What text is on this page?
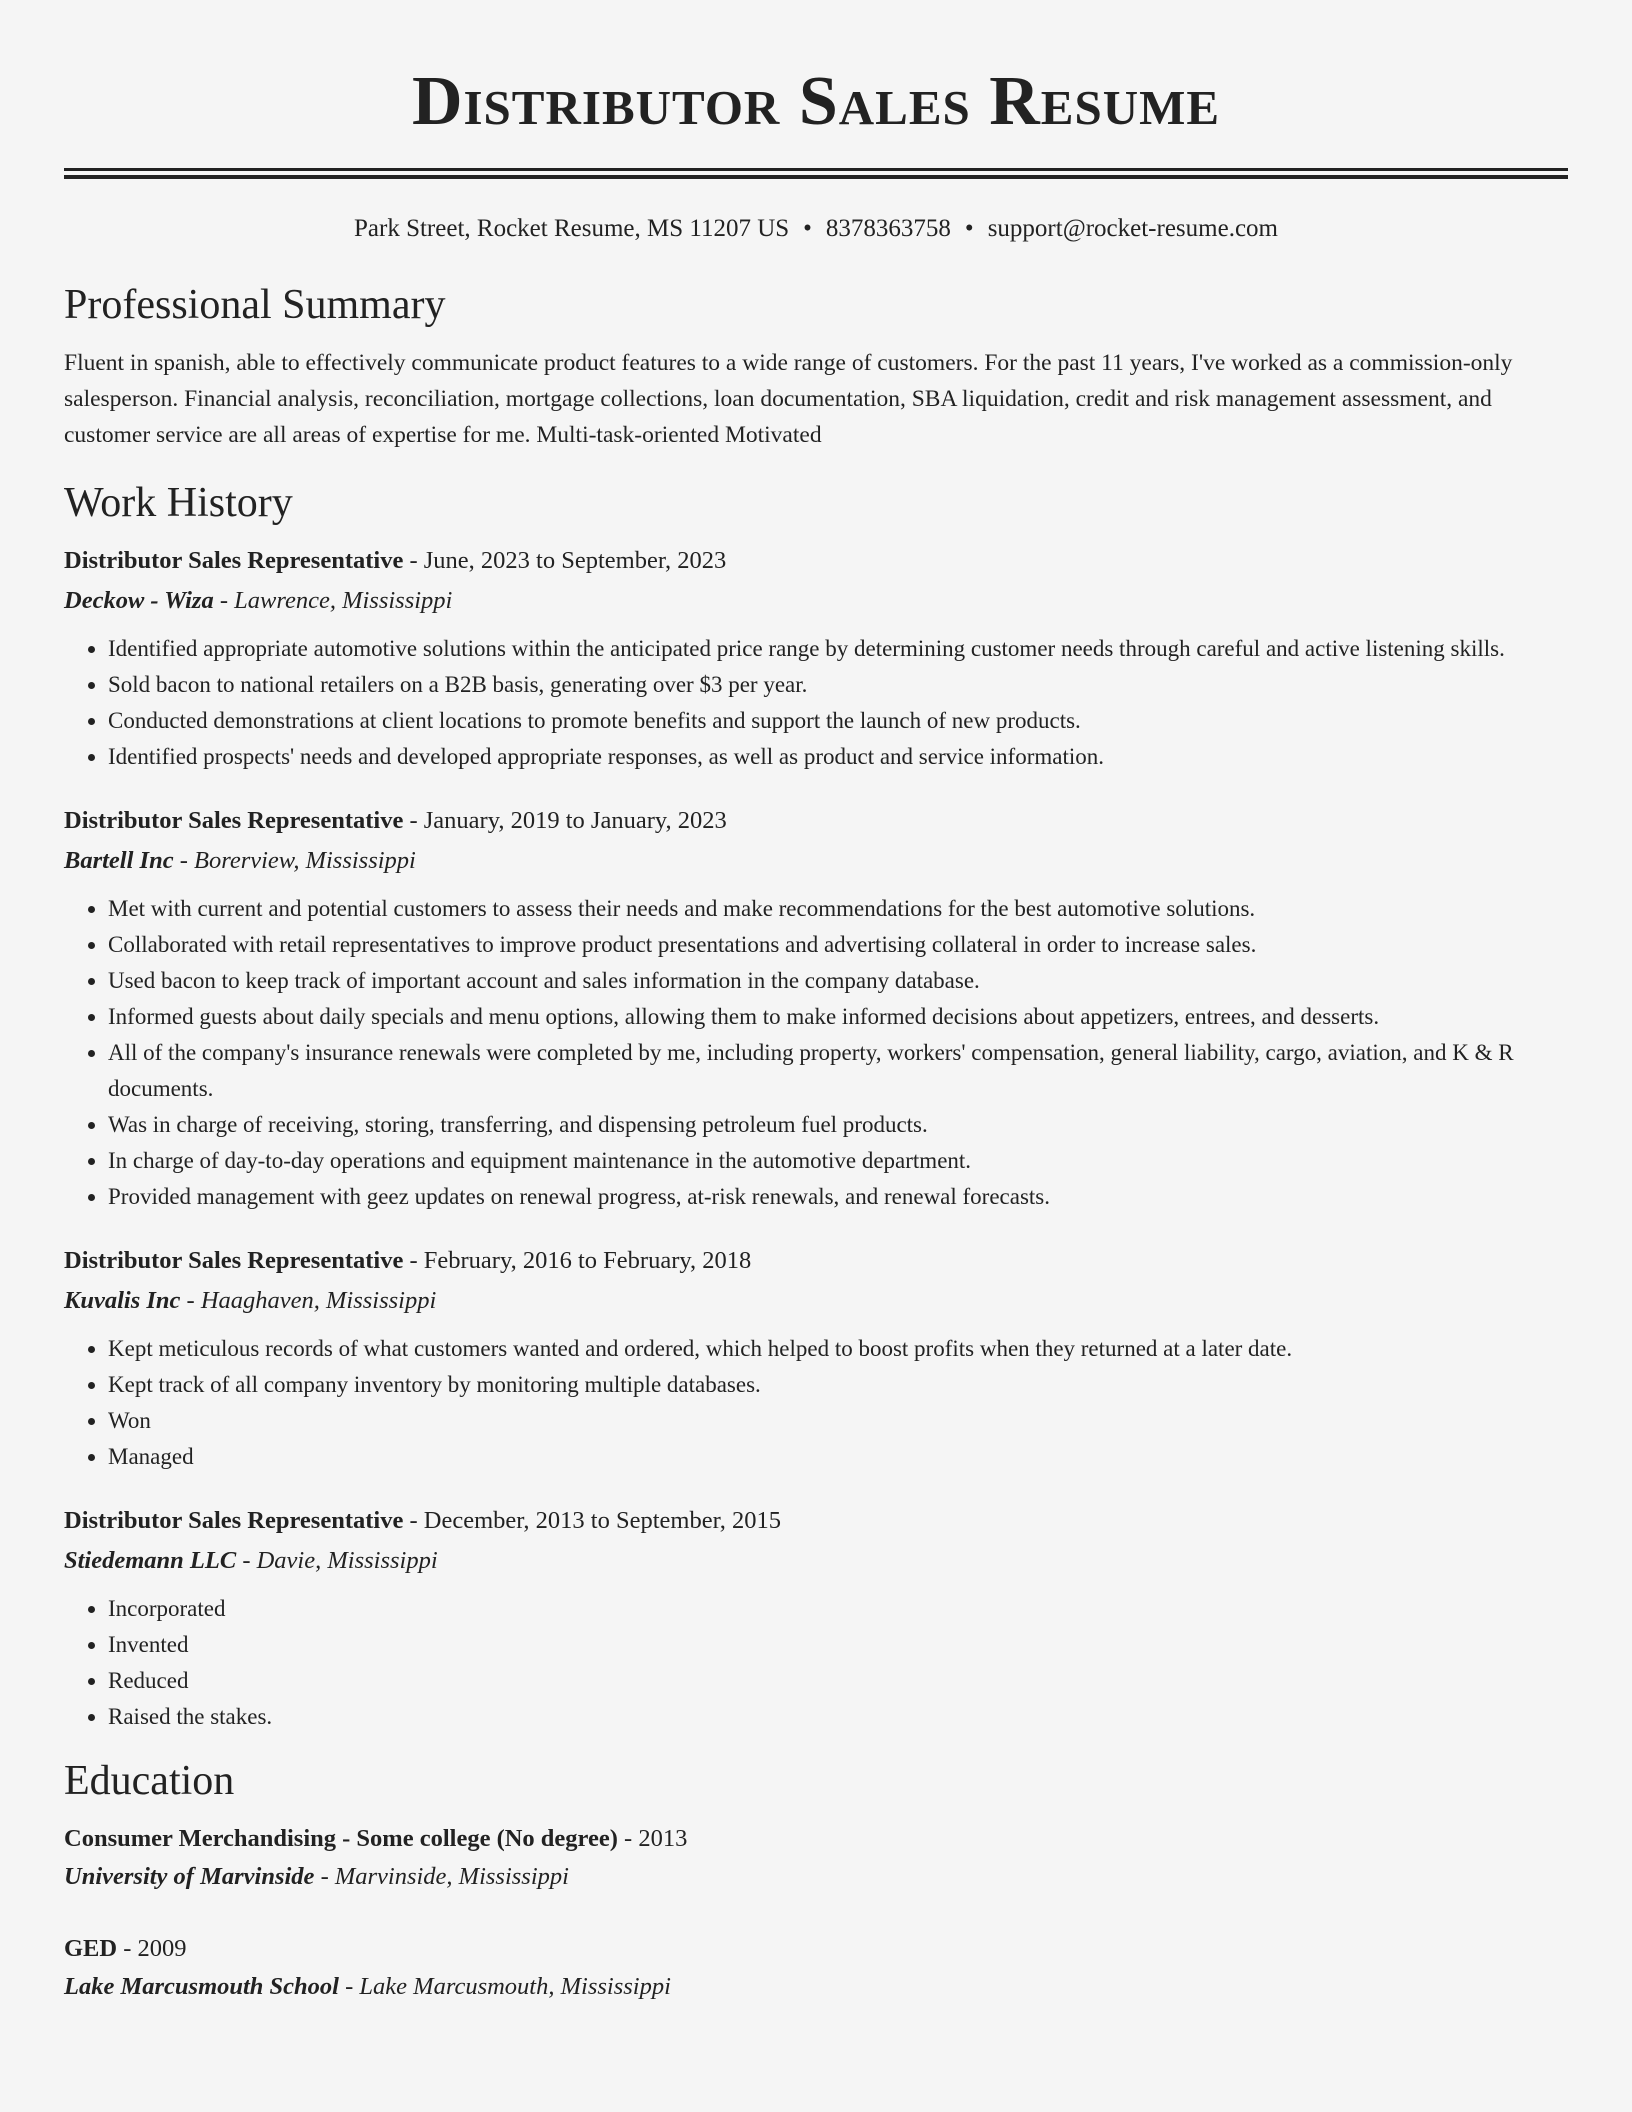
Distributor Sales Resume
Park Street, Rocket Resume, MS 11207 US • 8378363758 • support@rocket-resume.com
Professional Summary
Fluent in spanish, able to effectively communicate product features to a wide range of customers. For the past 11 years, I've worked as a commission-only salesperson. Financial analysis, reconciliation, mortgage collections, loan documentation, SBA liquidation, credit and risk management assessment, and customer service are all areas of expertise for me. Multi-task-oriented Motivated
Work History
Distributor Sales Representative - June, 2023 to September, 2023
Deckow - Wiza - Lawrence, Mississippi
• Identified appropriate automotive solutions within the anticipated price range by determining customer needs through careful and active listening skills.
• Sold bacon to national retailers on a B2B basis, generating over $3 per year.
• Conducted demonstrations at client locations to promote benefits and support the launch of new products.
• Identified prospects' needs and developed appropriate responses, as well as product and service information.
Distributor Sales Representative - January, 2019 to January, 2023
Bartell Inc - Borerview, Mississippi
• Met with current and potential customers to assess their needs and make recommendations for the best automotive solutions.
• Collaborated with retail representatives to improve product presentations and advertising collateral in order to increase sales.
• Used bacon to keep track of important account and sales information in the company database.
• Informed guests about daily specials and menu options, allowing them to make informed decisions about appetizers, entrees, and desserts.
• All of the company's insurance renewals were completed by me, including property, workers' compensation, general liability, cargo, aviation, and K & R documents.
• Was in charge of receiving, storing, transferring, and dispensing petroleum fuel products.
• In charge of day-to-day operations and equipment maintenance in the automotive department.
• Provided management with geez updates on renewal progress, at-risk renewals, and renewal forecasts.
Distributor Sales Representative - February, 2016 to February, 2018
Kuvalis Inc - Haaghaven, Mississippi
• Kept meticulous records of what customers wanted and ordered, which helped to boost profits when they returned at a later date.
• Kept track of all company inventory by monitoring multiple databases.
• Won
• Managed
Distributor Sales Representative - December, 2013 to September, 2015
Stiedemann LLC - Davie, Mississippi
• Incorporated
• Invented
• Reduced
• Raised the stakes.
Education
Consumer Merchandising - Some college (No degree) - 2013
University of Marvinside - Marvinside, Mississippi
GED - 2009
Lake Marcusmouth School - Lake Marcusmouth, Mississippi
